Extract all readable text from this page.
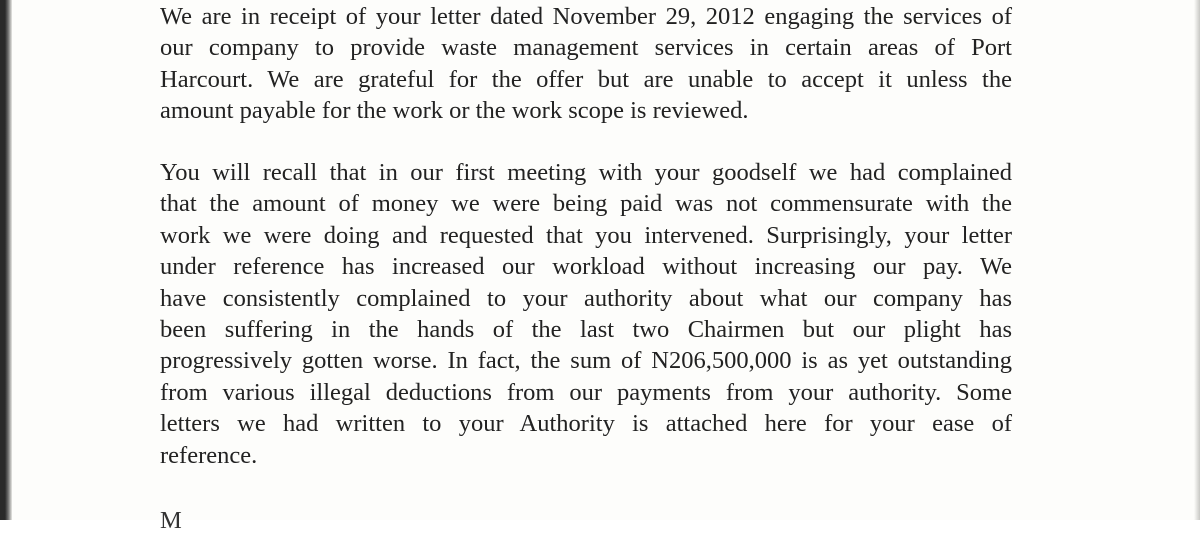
We are in receipt of your letter dated November 29, 2012 engaging the services of
our company to provide waste management services in certain areas of Port
Harcourt. We are grateful for the offer but are unable to accept it unless the
amount payable for the work or the work scope is reviewed.

You will recall that in our first meeting with your goodself we had complained
that the amount of money we were being paid was not commensurate with the
work we were doing and requested that you intervened. Surprisingly, your letter
under reference has increased our workload without increasing our pay. We
have consistently complained to your authority about what our company has
been suffering in the hands of the last two Chairmen but our plight has
progressively gotten worse. In fact, the sum of N206,500,000 is as yet outstanding
from various illegal deductions from our payments from your authority. Some
letters we had written to your Authority is attached here for your ease of
reference.

M
